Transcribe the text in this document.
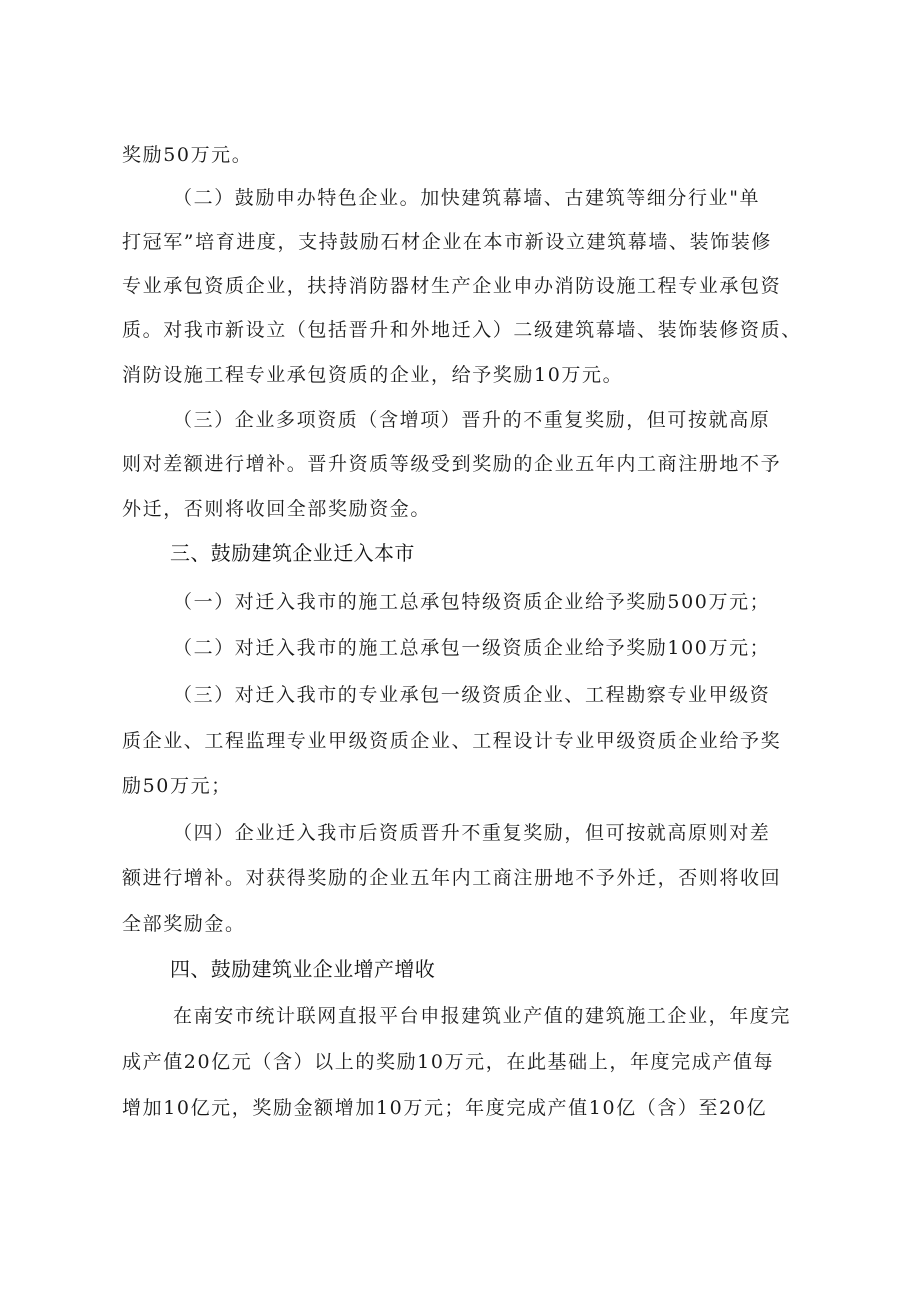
奖励50万元。
（二）鼓励申办特色企业。加快建筑幕墙、古建筑等细分行业"单
打冠军”培育进度，支持鼓励石材企业在本市新设立建筑幕墙、装饰装修
专业承包资质企业，扶持消防器材生产企业申办消防设施工程专业承包资
质。对我市新设立（包括晋升和外地迁入）二级建筑幕墙、装饰装修资质、
消防设施工程专业承包资质的企业，给予奖励10万元。
（三）企业多项资质（含增项）晋升的不重复奖励，但可按就高原
则对差额进行增补。晋升资质等级受到奖励的企业五年内工商注册地不予
外迁，否则将收回全部奖励资金。
三、鼓励建筑企业迁入本市
（一）对迁入我市的施工总承包特级资质企业给予奖励500万元；
（二）对迁入我市的施工总承包一级资质企业给予奖励100万元；
（三）对迁入我市的专业承包一级资质企业、工程勘察专业甲级资
质企业、工程监理专业甲级资质企业、工程设计专业甲级资质企业给予奖
励50万元；
（四）企业迁入我市后资质晋升不重复奖励，但可按就高原则对差
额进行增补。对获得奖励的企业五年内工商注册地不予外迁，否则将收回
全部奖励金。
四、鼓励建筑业企业增产增收
在南安市统计联网直报平台申报建筑业产值的建筑施工企业，年度完
成产值20亿元（含）以上的奖励10万元，在此基础上，年度完成产值每
增加10亿元，奖励金额增加10万元；年度完成产值10亿（含）至20亿
